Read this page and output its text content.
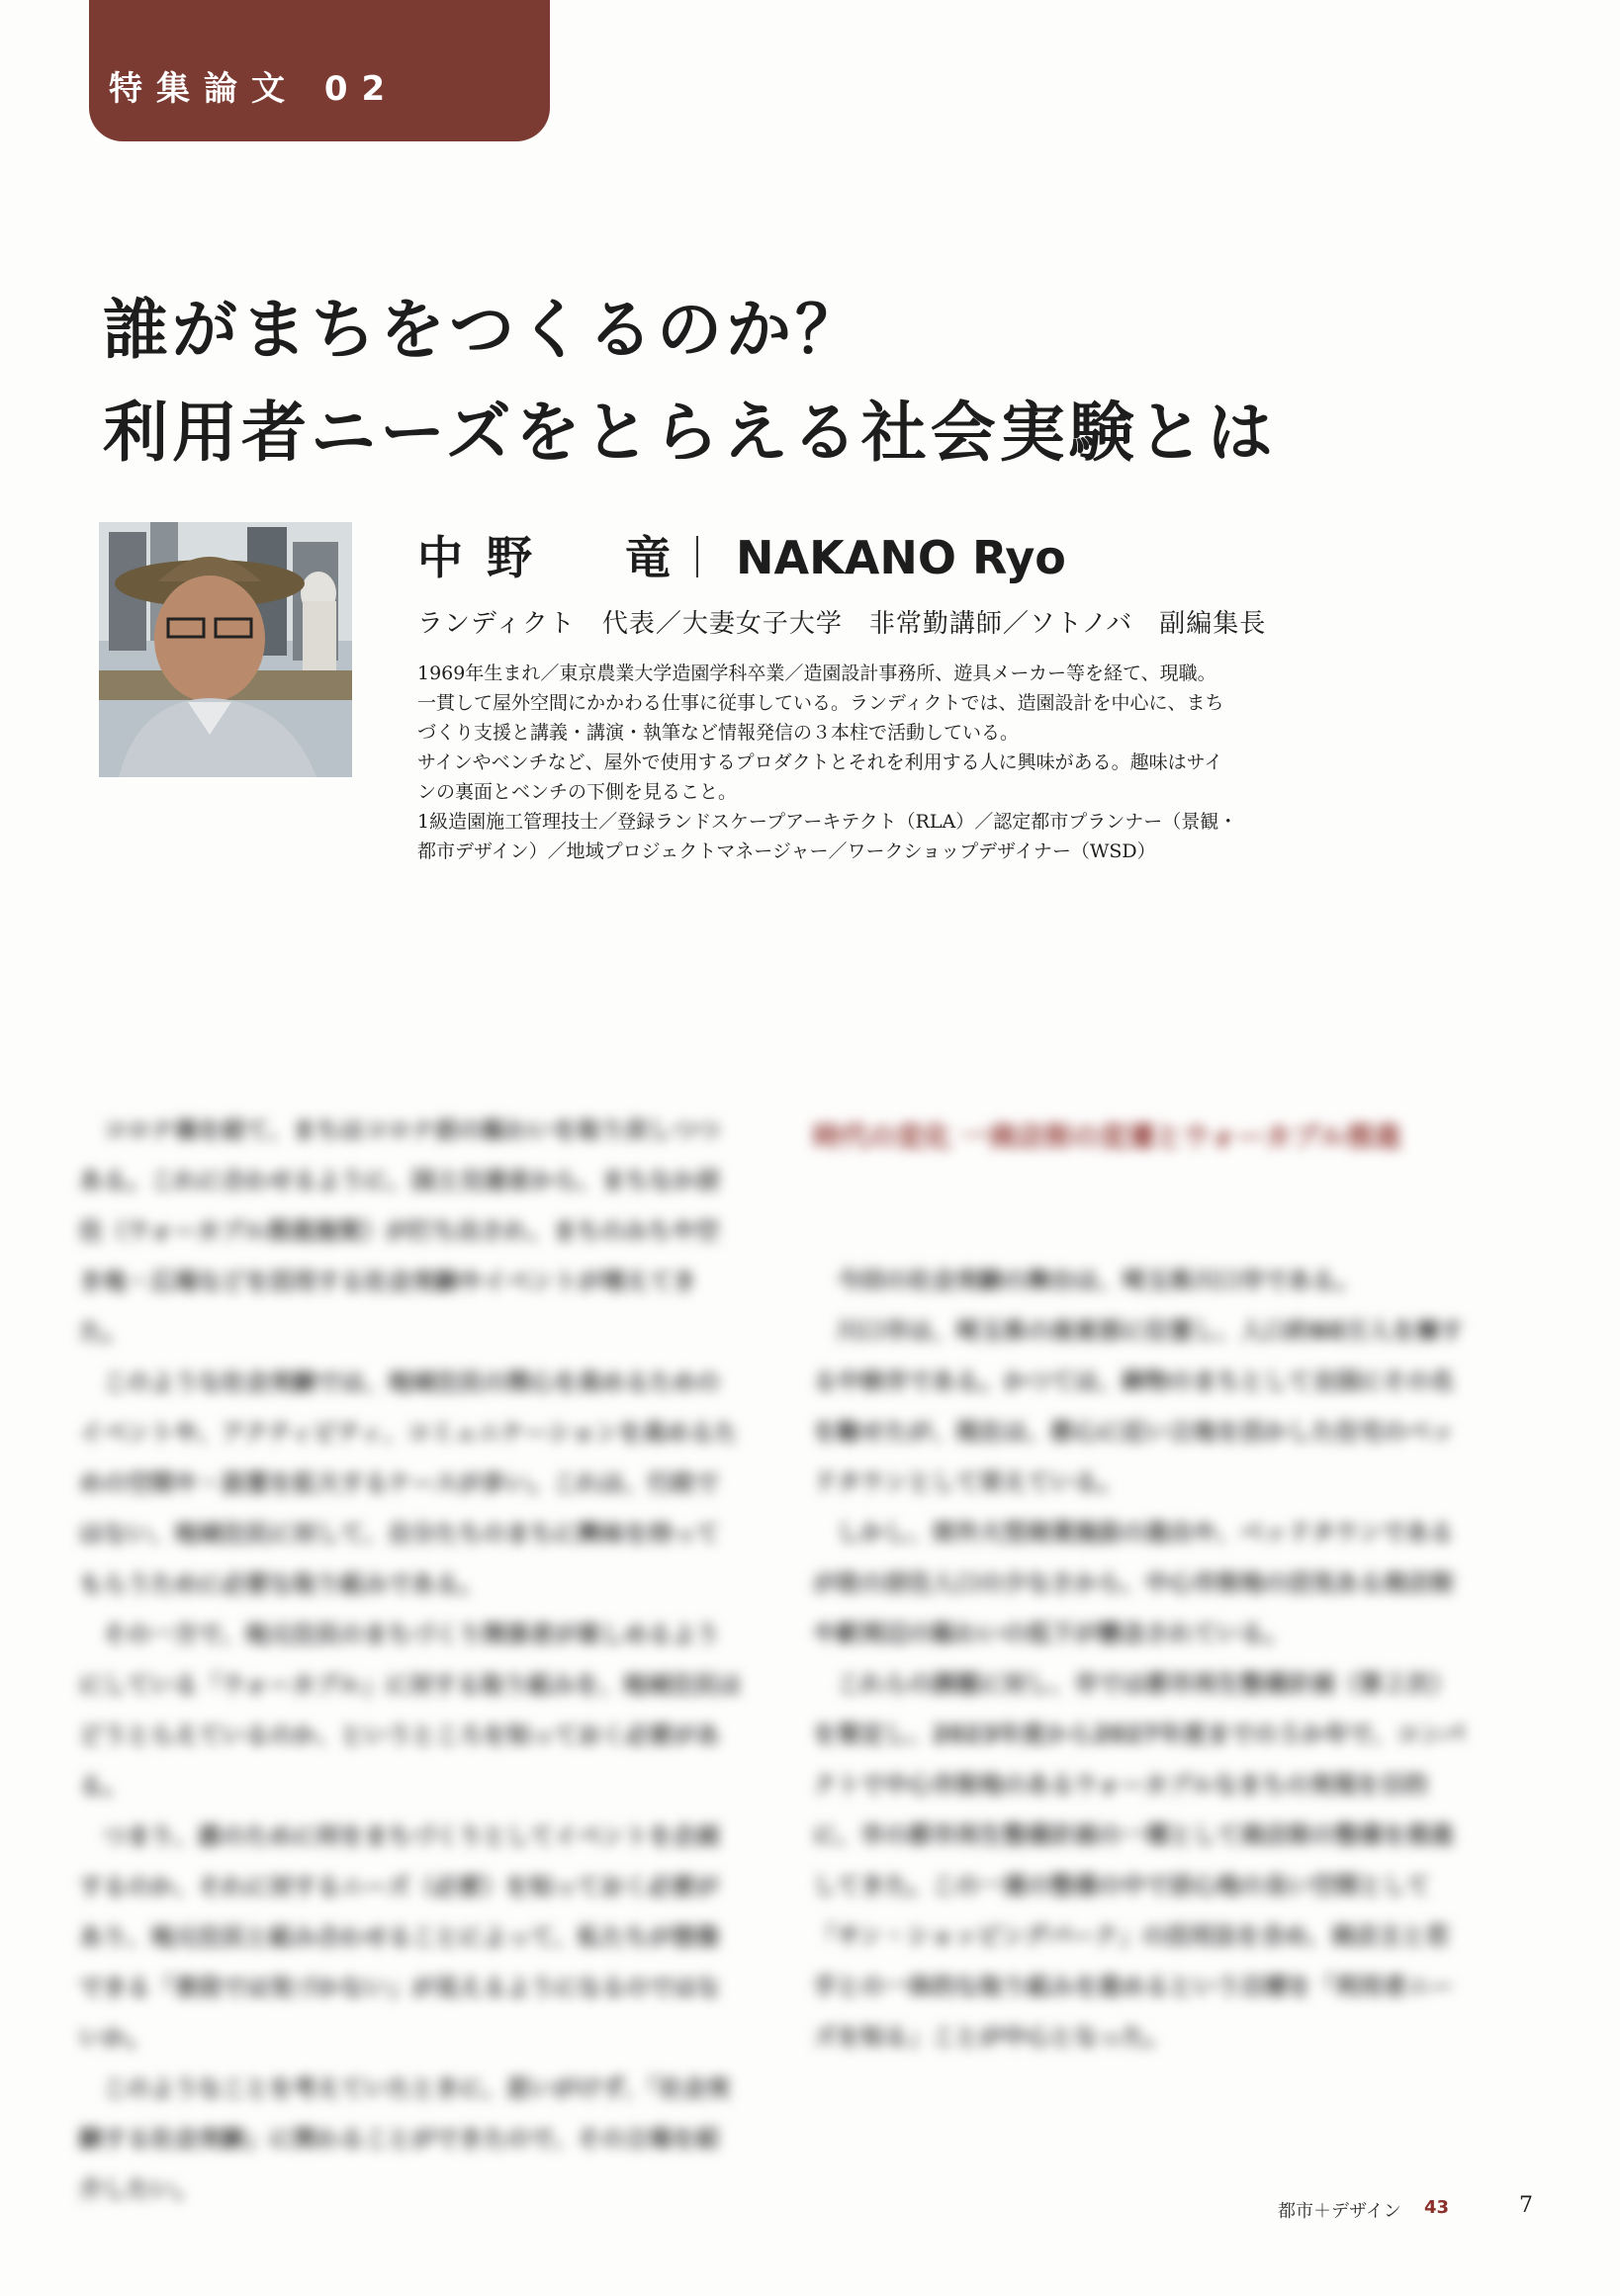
特集論文 02
誰がまちをつくるのか？
利用者ニーズをとらえる社会実験とは
中野　竜 NAKANO Ryo
ランディクト　代表／大妻女子大学　非常勤講師／ソトノバ　副編集長

1969年生まれ／東京農業大学造園学科卒業／造園設計事務所、遊具メーカー等を経て、現職。

一貫して屋外空間にかかわる仕事に従事している。ランディクトでは、造園設計を中心に、まち

づくり支援と講義・講演・執筆など情報発信の３本柱で活動している。

サインやベンチなど、屋外で使用するプロダクトとそれを利用する人に興味がある。趣味はサイ

ンの裏面とベンチの下側を見ること。

1級造園施工管理技士／登録ランドスケープアーキテクト（RLA）／認定都市プランナー（景観・

都市デザイン）／地域プロジェクトマネージャー／ワークショップデザイナー（WSD）

コロナ禍を経て、まちはコロナ前の賑わいを取り戻しつつある。これに合わせるように、国土交通省から、まちなか居住（ウォーカブル推進施策）が打ち出され、まちのみちや空き地・広場などを活用する社会実験やイベントが増えてきた。

このような社会実験では、地域住民の関心を高めるためのイベントや、アクティビティ、コミュニケーションを高めるための空間や・設置を拡大するケースが多い。これは、行政ではない、地域住民に対して、自分たちのまちに興味を持ってもらうために必要な取り組みである。

その一方で、地元住民のまちづくり関係者が楽しめるようにしている「ウォーカブル」に対する取り組みを、地域住民はどうとらえているのか、というところを知っておく必要がある。

つまり、誰のために何をまちづくりとしてイベントを企画するのか、それに対するニーズ（必要）を知っておく必要があり、地元住民と組み合わせることによって、私たちが想像できる「普段では気づかない」が見えるようになるのではないか。

このようなことを考えていたときに、思いがけず、「社会実験する社会実験」に関わることができたので、その立場を紹介したい。

時代の変化 一商店街の変遷とウォーカブル推進

今回の社会実験の舞台は、埼玉県川口市である。

川口市は、埼玉県の南東部に位置し、人口約60万人を擁する中核市である。かつては、鋳物のまちとして全国にその名を馳せたが、現在は、都心に近い立地を活かした住宅のベッドタウンとして栄えている。

しかし、郊外大型商業施設の進出や、ベッドタウンであるが故の居住人口の少なさから、中心市街地の活気ある商店街や駅周辺の賑わいの低下が懸念されている。

これらの課題に対し、市では都市再生整備計画（第２次）を策定し、2023年度から2027年度までの５か年で、コンパクトで中心市街地のあるウォーカブルなまちの実現を目的に、市の都市再生整備計画の一環として商店街の整備を推進してきた。この一連の整備の中で居心地の良い空間として「サン・ショッピングパーク」の活用法を含め、商店主と若手との一体的な取り組みを進めるという目標を「利用者ニーズを知る」ことが中心となった。

都市＋デザイン 43	7
